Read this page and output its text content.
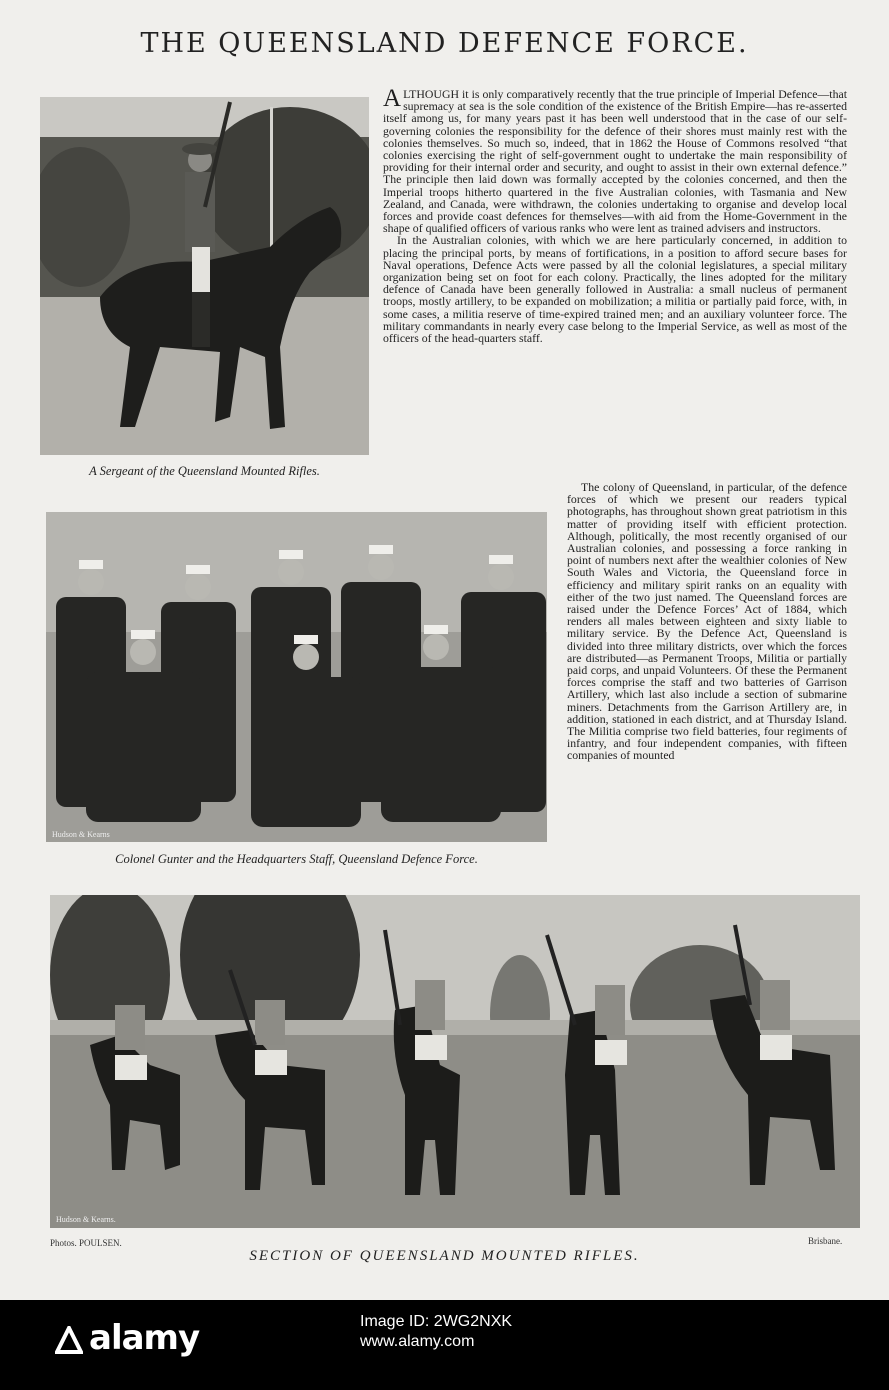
THE QUEENSLAND DEFENCE FORCE.
A Sergeant of the Queensland Mounted Rifles.
Hudson & Kearns
Colonel Gunter and the Headquarters Staff, Queensland Defence Force.
Hudson & Kearns.
Photos. POULSEN.	Brisbane.
SECTION OF QUEENSLAND MOUNTED RIFLES.

ALTHOUGH it is only comparatively recently that the true principle of Imperial Defence—that supremacy at sea is the sole condition of the existence of the British Empire—has re-asserted itself among us, for many years past it has been well understood that in the case of our self-governing colonies the responsibility for the defence of their shores must mainly rest with the colonies themselves. So much so, indeed, that in 1862 the House of Commons resolved “that colonies exercising the right of self-government ought to undertake the main responsibility of providing for their internal order and security, and ought to assist in their own external defence.” The principle then laid down was formally accepted by the colonies concerned, and then the Imperial troops hitherto quartered in the five Australian colonies, with Tasmania and New Zealand, and Canada, were withdrawn, the colonies undertaking to organise and develop local forces and provide coast defences for themselves—with aid from the Home-Government in the shape of qualified officers of various ranks who were lent as trained advisers and instructors.

In the Australian colonies, with which we are here particularly concerned, in addition to placing the principal ports, by means of fortifications, in a position to afford secure bases for Naval operations, Defence Acts were passed by all the colonial legislatures, a special military organization being set on foot for each colony. Practically, the lines adopted for the military defence of Canada have been generally followed in Australia: a small nucleus of permanent troops, mostly artillery, to be expanded on mobilization; a militia or partially paid force, with, in some cases, a militia reserve of time-expired trained men; and an auxiliary volunteer force. The military commandants in nearly every case belong to the Imperial Service, as well as most of the officers of the head-quarters staff.

The colony of Queensland, in particular, of the defence forces of which we present our readers typical photographs, has throughout shown great patriotism in this matter of providing itself with efficient protection. Although, politically, the most recently organised of our Australian colonies, and possessing a force ranking in point of numbers next after the wealthier colonies of New South Wales and Victoria, the Queensland force in efficiency and military spirit ranks on an equality with either of the two just named. The Queensland forces are raised under the Defence Forces’ Act of 1884, which renders all males between eighteen and sixty liable to military service. By the Defence Act, Queensland is divided into three military districts, over which the forces are distributed—as Permanent Troops, Militia or partially paid corps, and unpaid Volunteers. Of these the Permanent forces comprise the staff and two batteries of Garrison Artillery, which last also include a section of submarine miners. Detachments from the Garrison Artillery are, in addition, stationed in each district, and at Thursday Island. The Militia comprise two field batteries, four regiments of infantry, and four independent companies, with fifteen companies of mounted

alamy	Image ID: 2WG2NXK
www.alamy.com
